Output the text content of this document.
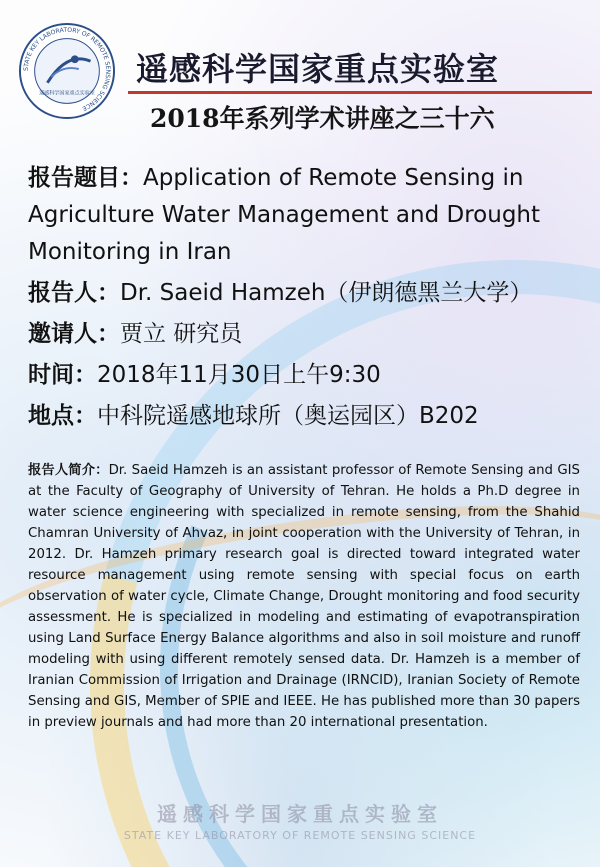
STATE KEY LABORATORY OF REMOTE SENSING SCIENCE
遥感科学国家重点实验室
遥感科学国家重点实验室
2018年系列学术讲座之三十六
报告题目：Application of Remote Sensing in
Agriculture Water Management and Drought
Monitoring in Iran
报告人：Dr. Saeid Hamzeh（伊朗德黑兰大学）
邀请人：贾立 研究员
时间：2018年11月30日上午9:30
地点：中科院遥感地球所（奥运园区）B202
报告人简介：Dr. Saeid Hamzeh is an assistant professor of Remote Sensing and GIS at the Faculty of Geography of University of Tehran. He holds a Ph.D degree in water science engineering with specialized in remote sensing, from the Shahid Chamran University of Ahvaz, in joint cooperation with the University of Tehran, in 2012. Dr. Hamzeh primary research goal is directed toward integrated water resource management using remote sensing with special focus on earth observation of water cycle, Climate Change, Drought monitoring and food security assessment. He is specialized in modeling and estimating of evapotranspiration using Land Surface Energy Balance algorithms and also in soil moisture and runoff modeling with using different remotely sensed data. Dr. Hamzeh is a member of Iranian Commission of Irrigation and Drainage (IRNCID), Iranian Society of Remote Sensing and GIS, Member of SPIE and IEEE. He has published more than 30 papers in preview journals and had more than 20 international presentation.

遥感科学国家重点实验室

STATE KEY LABORATORY OF REMOTE SENSING SCIENCE
